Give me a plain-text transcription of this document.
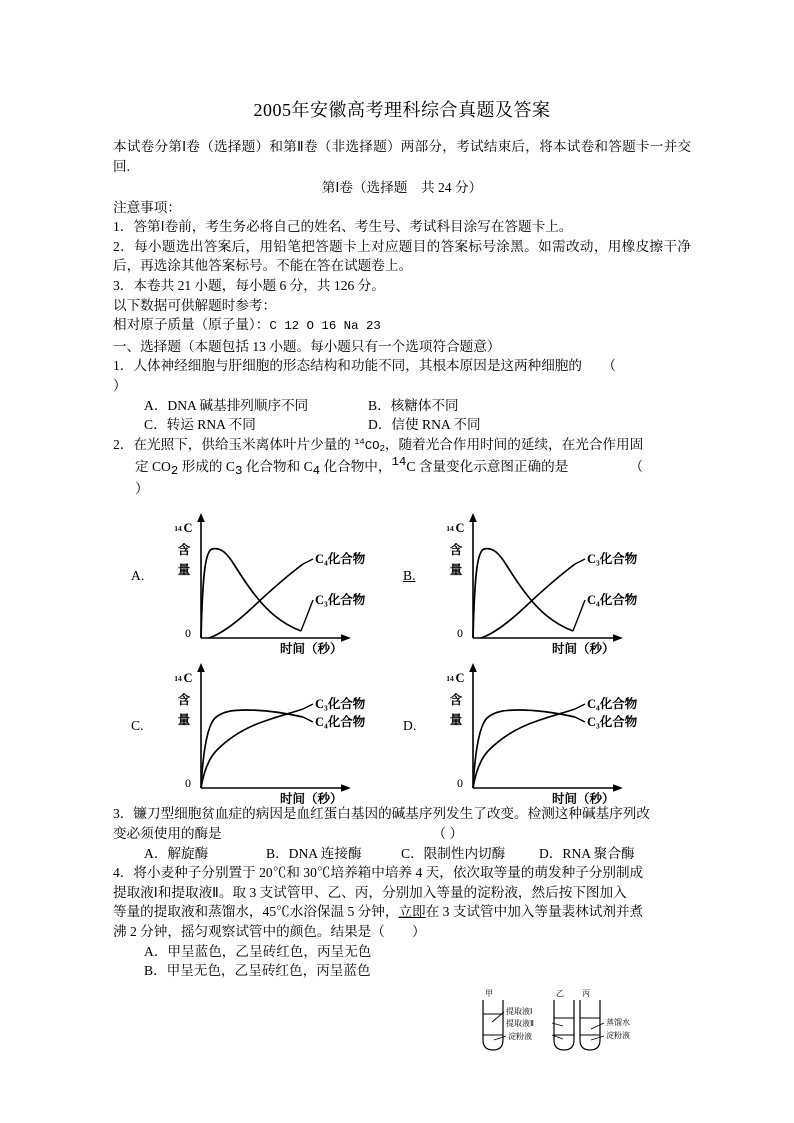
2005年安徽高考理科综合真题及答案
本试卷分第Ⅰ卷（选择题）和第Ⅱ卷（非选择题）两部分，考试结束后，将本试卷和答题卡一并交回.
第Ⅰ卷（选择题　共 24 分）
注意事项：
1．答第Ⅰ卷前，考生务必将自己的姓名、考生号、考试科目涂写在答题卡上。
2．每小题选出答案后，用铅笔把答题卡上对应题目的答案标号涂黑。如需改动，用橡皮擦干净后，再选涂其他答案标号。不能在答在试题卷上。
3．本卷共 21 小题，每小题 6 分，共 126 分。
以下数据可供解题时参考：
相对原子质量（原子量）：C 12 O 16 Na 23
一、选择题（本题包括 13 小题。每小题只有一个选项符合题意）
1．人体神经细胞与肝细胞的形态结构和功能不同，其根本原因是这两种细胞的　　 （
）
A．DNA 碱基排列顺序不同	B．核糖体不同
C．转运 RNA 不同	D．信使 RNA 不同
2．在光照下，供给玉米离体叶片少量的 $^{14}CO_2$，随着光合作用时间的延续，在光合作用固
定 $CO_2$ 形成的 $C_3$ 化合物和 $C_4$ 化合物中，$^{14}$C 含量变化示意图正确的是　　　　　	（
）
A.
0
14 C
含
量
时间（秒）
C₄化合物
C₃化合物
B.
0
14 C
含
量
时间（秒）
C₃化合物
C₄化合物
C.
0
14 C
含
量
时间（秒）
C₃化合物
C₄化合物	D.
0
14 C
含
量
时间（秒）
C₄化合物
C₃化合物
3．镰刀型细胞贫血症的病因是血红蛋白基因的碱基序列发生了改变。检测这种碱基序列改
变必须使用的酶是　　　　　　　　　　　　　　　　	（ ）
A．解旋酶	B．DNA 连接酶	C．限制性内切酶 D．RNA 聚合酶
4．将小麦种子分别置于 20℃和 30℃培养箱中培养 4 天，依次取等量的萌发种子分别制成
提取液Ⅰ和提取液Ⅱ。取 3 支试管甲、乙、丙，分别加入等量的淀粉液，然后按下图加入
等量的提取液和蒸馏水，45℃水浴保温 5 分钟，立即在 3 支试管中加入等量裴林试剂并煮
沸 2 分钟，摇匀观察试管中的颜色。结果是（　　）
A．甲呈蓝色，乙呈砖红色，丙呈无色
B．甲呈无色，乙呈砖红色，丙呈蓝色
甲	乙 丙
提取液Ⅰ
提取液Ⅱ
淀粉液
蒸馏水
淀粉液
